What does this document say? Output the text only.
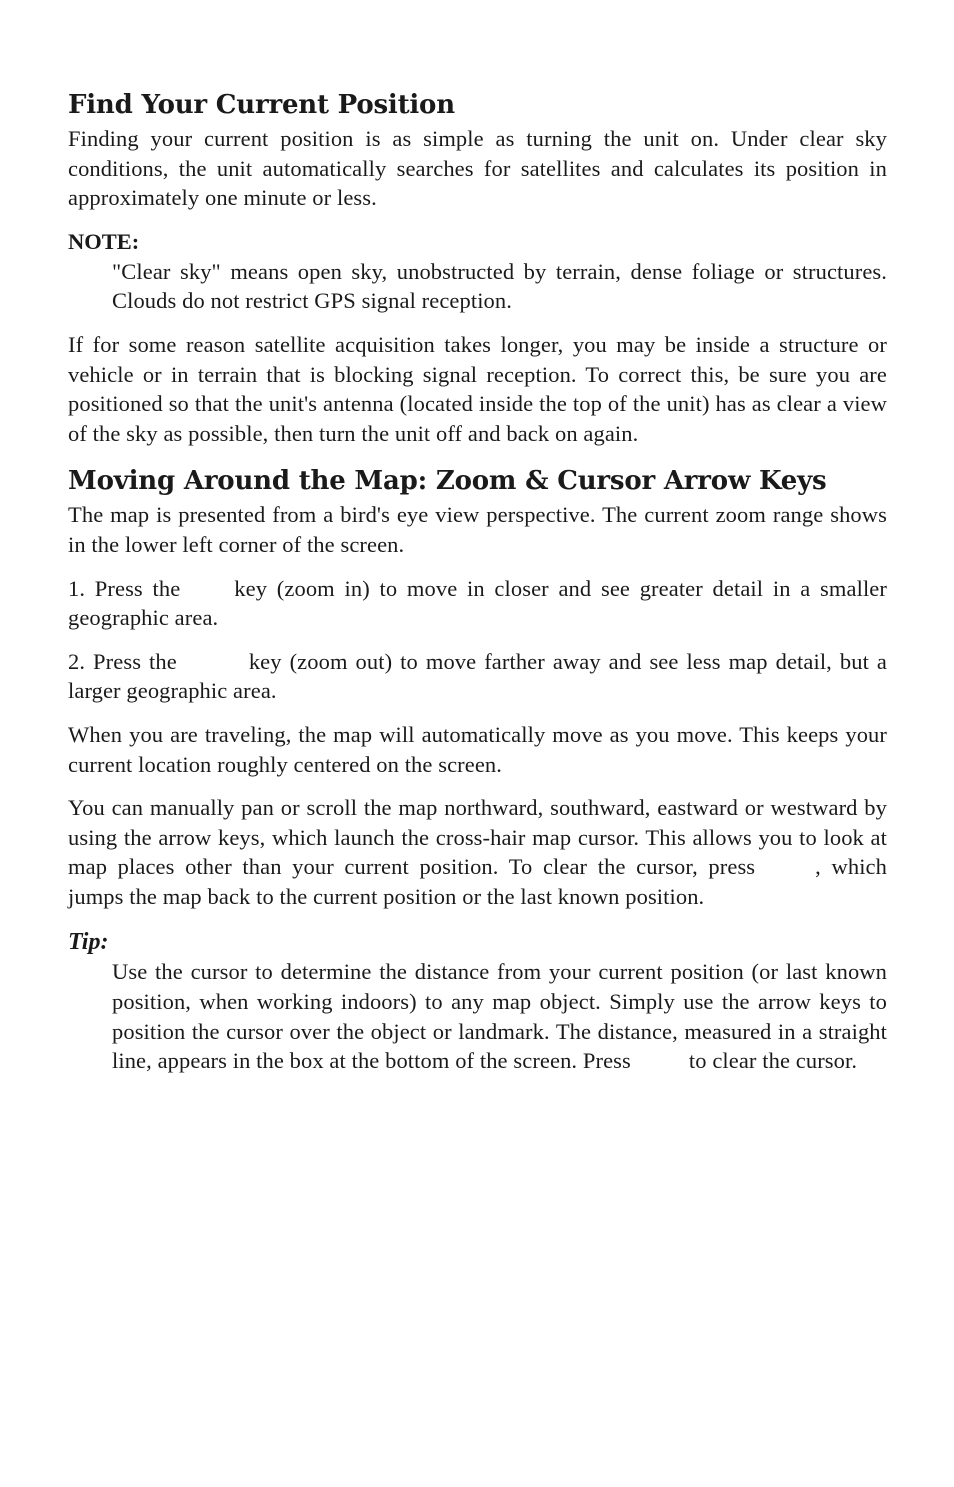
Find Your Current Position

Finding your current position is as simple as turning the unit on. Under clear sky conditions, the unit automatically searches for satellites and calculates its position in approximately one minute or less.

NOTE:

"Clear sky" means open sky, unobstructed by terrain, dense foliage or structures. Clouds do not restrict GPS signal reception.

If for some reason satellite acquisition takes longer, you may be inside a structure or vehicle or in terrain that is blocking signal reception. To correct this, be sure you are positioned so that the unit's antenna (located inside the top of the unit) has as clear a view of the sky as possible, then turn the unit off and back on again.

Moving Around the Map: Zoom & Cursor Arrow Keys

The map is presented from a bird's eye view perspective. The current zoom range shows in the lower left corner of the screen.

1. Press the key (zoom in) to move in closer and see greater detail in a smaller geographic area.

2. Press the	key (zoom out) to move farther away and see less map detail, but a larger geographic area.

When you are traveling, the map will automatically move as you move. This keeps your current location roughly centered on the screen.

You can manually pan or scroll the map northward, southward, eastward or westward by using the arrow keys, which launch the cross-hair map cursor. This allows you to look at map places other than your current position. To clear the cursor, press	, which jumps the map back to the current position or the last known position.

Tip:

Use the cursor to determine the distance from your current position (or last known position, when working indoors) to any map object. Simply use the arrow keys to position the cursor over the object or landmark. The distance, measured in a straight line, appears in the box at the bottom of the screen. Press	to clear the cursor.
